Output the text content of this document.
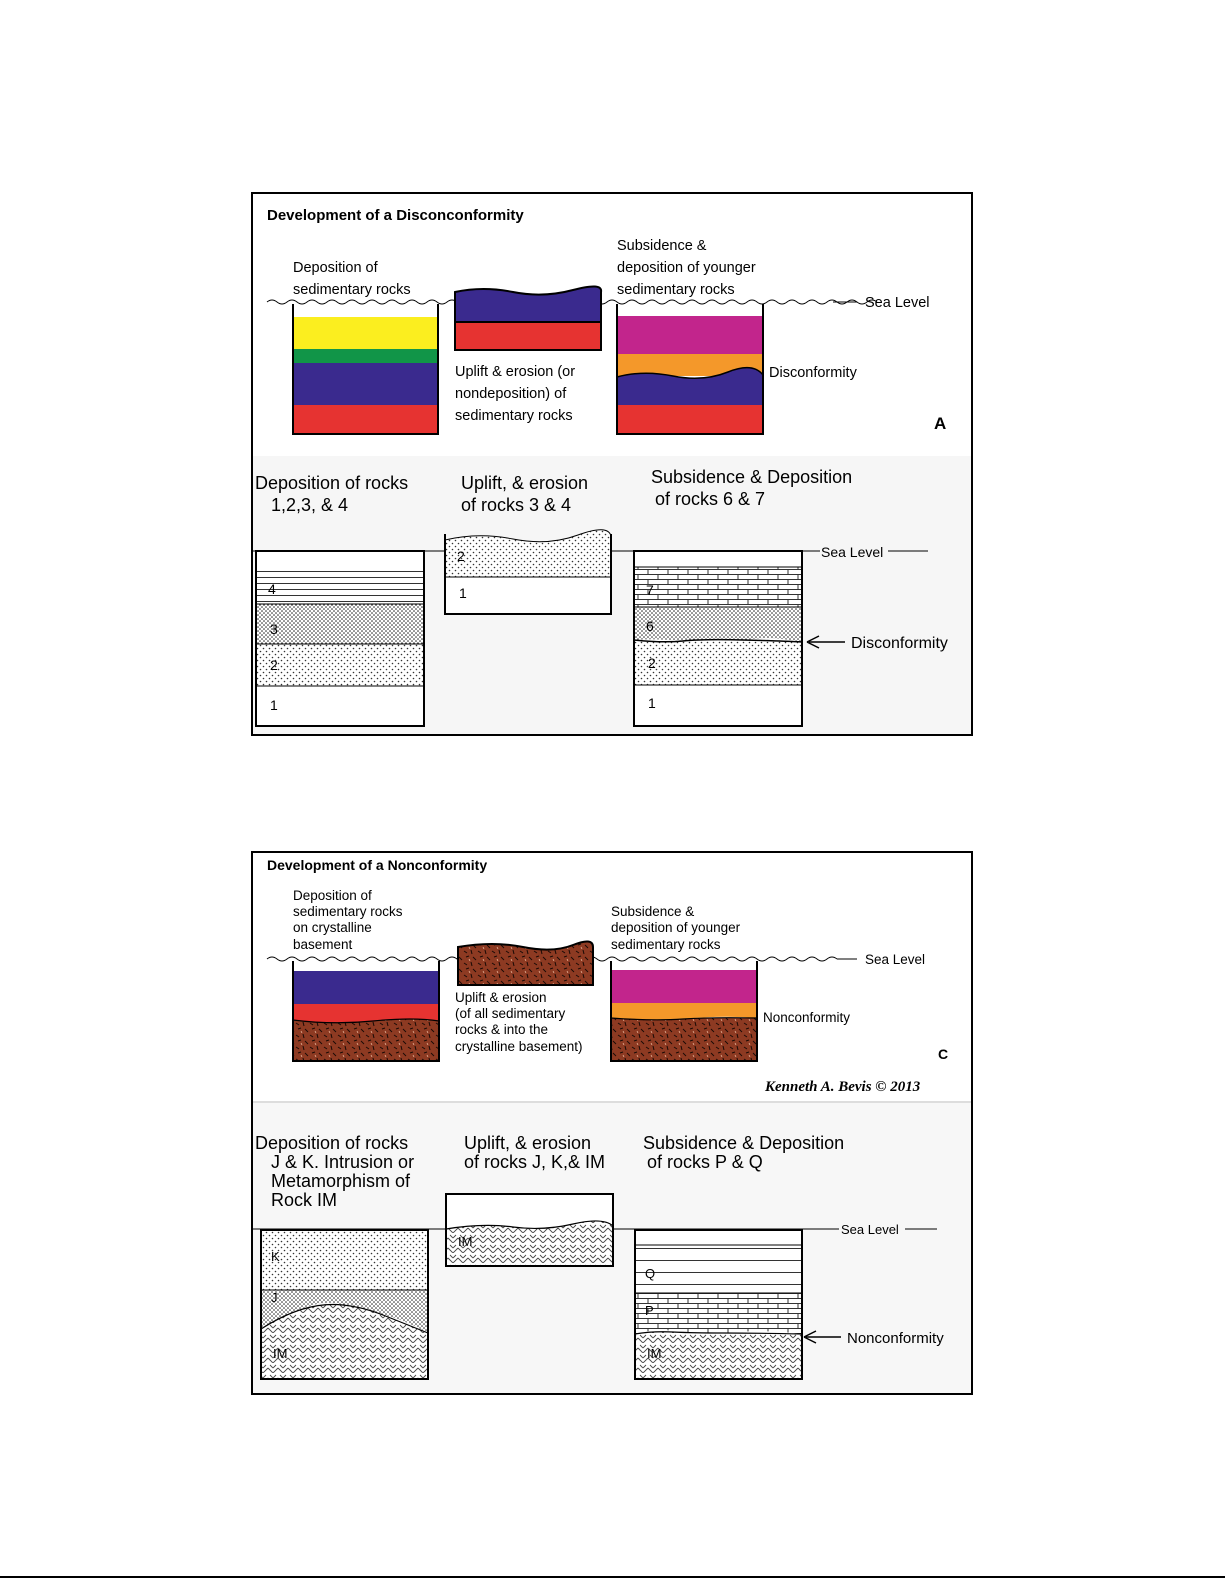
Development of a Disconconformity
Deposition of sedimentary rocks
Subsidence & deposition of younger sedimentary rocks
Uplift & erosion (or nondeposition) of sedimentary rocks
Sea Level
Disconformity
A
Deposition of rocks 1,2,3, & 4
Uplift, & erosion of rocks 3 & 4
Subsidence & Deposition of rocks 6 & 7
Sea Level
4
3
2
1
2
1	7
6
2
1
Disconformity
Development of a Nonconformity
Deposition of sedimentary rocks on crystalline basement
Subsidence & deposition of younger sedimentary rocks
Uplift & erosion (of all sedimentary rocks & into the crystalline basement)
Sea Level
Nonconformity
C
Kenneth A. Bevis © 2013
Deposition of rocks J & K. Intrusion or Metamorphism of Rock IM
Uplift, & erosion of rocks J, K,& IM
Subsidence & Deposition of rocks P & Q
Sea Level
K
J
IM
IM
Q
P
IM
Nonconformity
